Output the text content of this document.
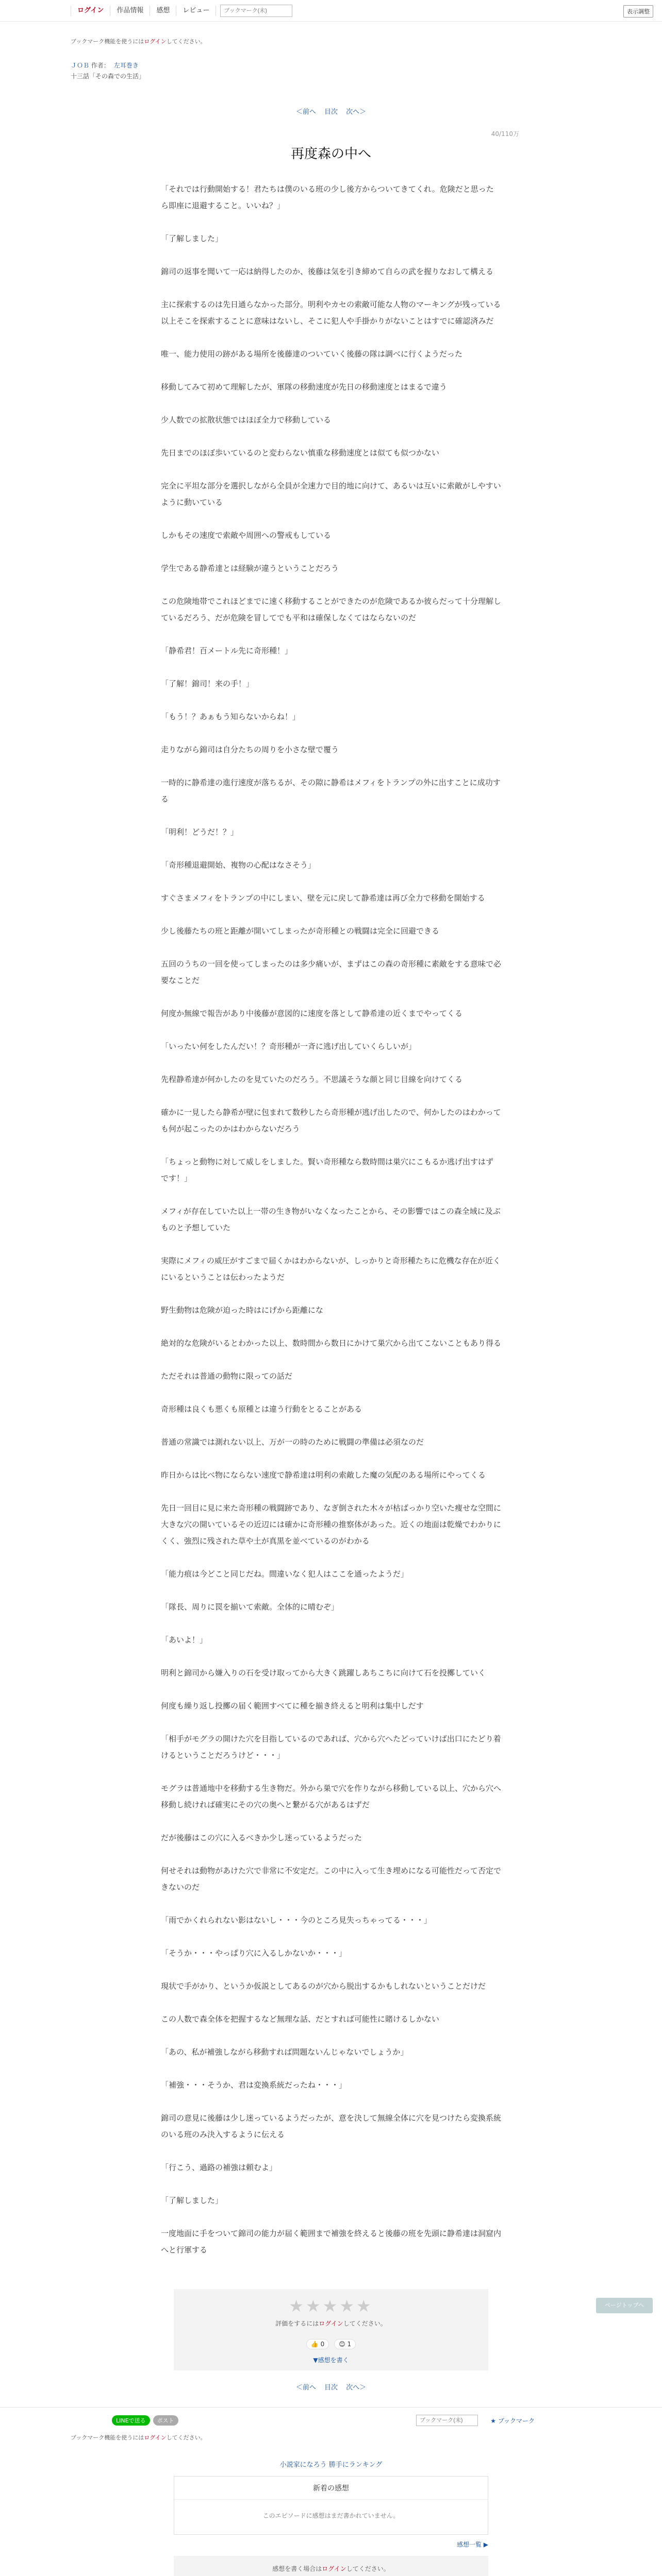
ログイン	作品情報	感想	レビュー
ブックマーク(未)	表示調整
ブックマーク機能を使うにはログインしてください。
ＪＯＢ 作者： 左耳巻き
十三話「その森での生活」
＜前へ 目次 次へ＞
40/110万
再度森の中へ

「それでは行動開始する！君たちは僕のいる班の少し後方からついてきてくれ。危険だと思ったら即座に退避すること。いいね？」

「了解しました」

錦司の返事を聞いて一応は納得したのか、後藤は気を引き締めて自らの武を握りなおして構える

主に探索するのは先日通らなかった部分。明利やカセの索敵可能な人物のマーキングが残っている以上そこを探索することに意味はないし、そこに犯人や手掛かりがないことはすでに確認済みだ

唯一、能力使用の跡がある場所を後藤達のついていく後藤の隊は調べに行くようだった

移動してみて初めて理解したが、軍隊の移動速度が先日の移動速度とはまるで違う

少人数での拡散状態ではほぼ全力で移動している

先日までのほぼ歩いているのと変わらない慎重な移動速度とは似ても似つかない

完全に平坦な部分を選択しながら全員が全速力で目的地に向けて、あるいは互いに索敵がしやすいように動いている

しかもその速度で索敵や周囲への警戒もしている

学生である静希達とは経験が違うということだろう

この危険地帯でこれほどまでに速く移動することができたのが危険であるか彼らだって十分理解しているだろう、だが危険を冒してでも平和は確保しなくてはならないのだ

「静希君！百メートル先に奇形種！」

「了解！錦司！来の手！」

「もう！？あぁもう知らないからね！」

走りながら錦司は自分たちの周りを小さな壁で覆う

一時的に静希達の進行速度が落ちるが、その隙に静希はメフィをトランプの外に出すことに成功する

「明利！どうだ！？」

「奇形種退避開始、複物の心配はなさそう」

すぐさまメフィをトランプの中にしまい、壁を元に戻して静希達は再び全力で移動を開始する

少し後藤たちの班と距離が開いてしまったが奇形種との戦闘は完全に回避できる

五回のうちの一回を使ってしまったのは多少痛いが、まずはこの森の奇形種に素敵をする意味で必要なことだ

何度か無線で報告があり中後藤が意図的に速度を落として静希達の近くまでやってくる

「いったい何をしたんだい！？奇形種が一斉に逃げ出していくらしいが」

先程静希達が何かしたのを見ていたのだろう。不思議そうな顔と同じ目線を向けてくる

確かに一見したら静希が壁に包まれて数秒したら奇形種が逃げ出したので、何かしたのはわかっても何が起こったのかはわからないだろう

「ちょっと動物に対して威しをしました。賢い奇形種なら数時間は巣穴にこもるか逃げ出すはずです！」

メフィが存在していた以上一帯の生き物がいなくなったことから、その影響ではこの森全域に及ぶものと予想していた

実際にメフィの威圧がすごまで届くかはわからないが、しっかりと奇形種たちに危機な存在が近くにいるということは伝わったようだ

野生動物は危険が迫った時はにげから距離にな

絶対的な危険がいるとわかった以上、数時間から数日にかけて巣穴から出てこないこともあり得る

ただそれは普通の動物に限っての話だ

奇形種は良くも悪くも原種とは違う行動をとることがある

普通の常識では測れない以上、万が一の時のために戦闘の準備は必須なのだ

昨日からは比べ物にならない速度で静希達は明利の索敵した魔の気配のある場所にやってくる

先日一回目に見に来た奇形種の戦闘跡であり、なぎ倒された木々が枯ばっかり空いた痩せな空間に大きな穴の開いているその近辺には確かに奇形種の推察体があった。近くの地面は乾燥でわかりにくく、強烈に残された草や土が真黒を並べているのがわかる

「能力痕は今どこと同じだね。間違いなく犯人はここを通ったようだ」

「隊長、周りに罠を揃いて索敵。全体的に晴むぞ」

「あいよ！」

明利と錦司から嫌入りの石を受け取ってから大きく跳躍しあちこちに向けて石を投擲していく

何度も繰り返し投擲の届く範囲すべてに種を揃き終えると明利は集中しだす

「相手がモグラの開けた穴を目指しているのであれば、穴から穴へたどっていけば出口にたどり着けるということだろうけど・・・」

モグラは普通地中を移動する生き物だ。外から巣で穴を作りながら移動している以上、穴から穴へ移動し続ければ確実にその穴の奥へと繋がる穴があるはずだ

だが後藤はこの穴に入るべきか少し迷っているようだった

何せそれは動物があけた穴で非常に不安定だ。この中に入って生き埋めになる可能性だって否定できないのだ

「雨でかくれられない影はないし・・・今のところ見失っちゃってる・・・」

「そうか・・・やっぱり穴に入るしかないか・・・」

現状で手がかり、というか仮説としてあるのが穴から脱出するかもしれないということだけだ

この人数で森全体を把握するなど無理な話、だとすれば可能性に賭けるしかない

「あの、私が補強しながら移動すれば問題ないんじゃないでしょうか」

「補強・・・そうか、君は変換系統だったね・・・」

錦司の意見に後藤は少し迷っているようだったが、意を決して無線全体に穴を見つけたら変換系統のいる班のみ決入するように伝える

「行こう、過路の補強は頼むよ」

「了解しました」

一度地面に手をついて錦司の能力が届く範囲まで補強を終えると後藤の班を先頭に静希達は洞窟内へと行軍する

ページトップへ
★★★★★
評価をするにはログインしてください。
👍 0	😊 1
▼感想を書く
＜前へ 目次 次へ＞
LINEで送る	ポスト
ブックマーク(未)	★ ブックマーク
ブックマーク機能を使うにはログインしてください。
小説家になろう 勝手にランキング
新着の感想
このエピソードに感想はまだ書かれていません。
感想一覧 ▶
感想を書く場合はログインしてください。
